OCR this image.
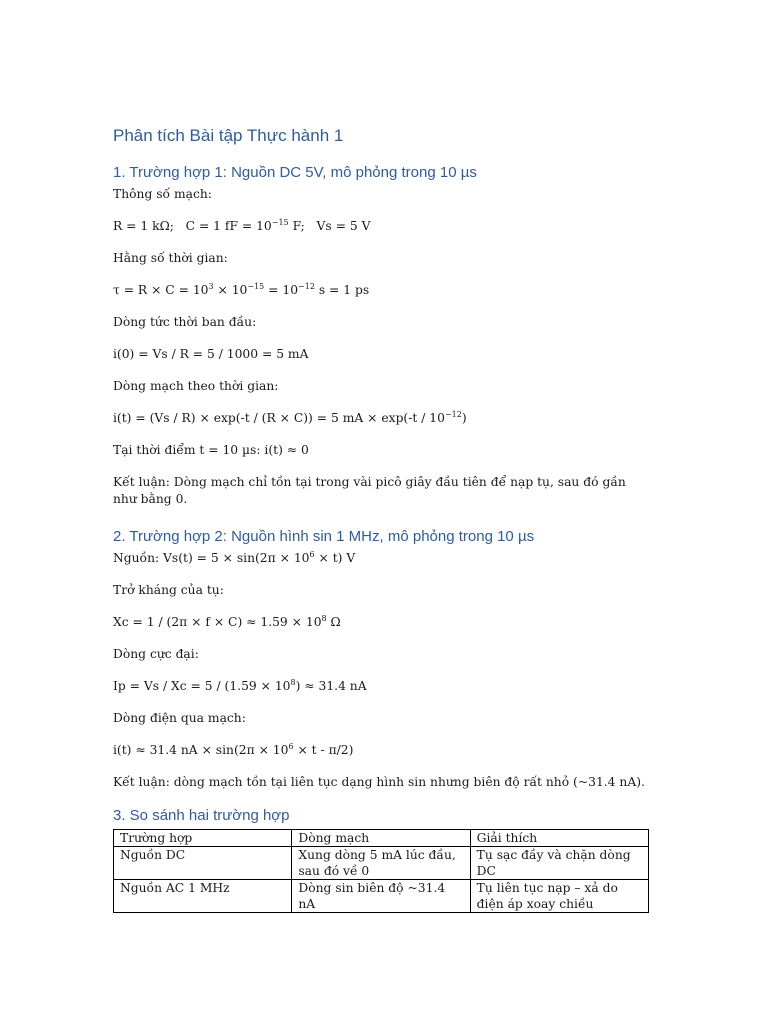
Phân tích Bài tập Thực hành 1
1. Trường hợp 1: Nguồn DC 5V, mô phỏng trong 10 µs

Thông số mạch:

R = 1 kΩ; C = 1 fF = $10^{-15}$ F; Vs = 5 V

Hằng số thời gian:

$\tau = R \times C = 10^3 \times 10^{-15} = 10^{-12}$ s = 1 ps

Dòng tức thời ban đầu:

i(0) = Vs / R = 5 / 1000 = 5 mA

Dòng mạch theo thời gian:

i(t) = (Vs / R) × exp(-t / (R × C)) = 5 mA × $\exp(-t / 10^{-12})$

Tại thời điểm t = 10 µs: i(t) ≈ 0

Kết luận: Dòng mạch chỉ tồn tại trong vài picô giây đầu tiên để nạp tụ, sau đó gần như bằng 0.

2. Trường hợp 2: Nguồn hình sin 1 MHz, mô phỏng trong 10 µs

Nguồn: $Vs(t) = 5 \times \sin(2\pi \times 10^6 \times t)$ V

Trở kháng của tụ:

$Xc = 1 / (2\pi \times f \times C) \approx 1.59 \times 10^8$ Ω

Dòng cực đại:

$Ip = Vs / Xc = 5 / (1.59 \times 10^8) \approx 31.4$ nA

Dòng điện qua mạch:

i(t) ≈ 31.4 nA × $\sin(2\pi \times 10^6 \times t - \pi/2)$

Kết luận: dòng mạch tồn tại liên tục dạng hình sin nhưng biên độ rất nhỏ (~31.4 nA).

3. So sánh hai trường hợp
Trường hợp	Dòng mạch	Giải thích
Nguồn DC	Xung dòng 5 mA lúc đầu, sau đó về 0	Tụ sạc đầy và chặn dòng DC
Nguồn AC 1 MHz	Dòng sin biên độ ~31.4 nA	Tụ liên tục nạp – xả do điện áp xoay chiều
